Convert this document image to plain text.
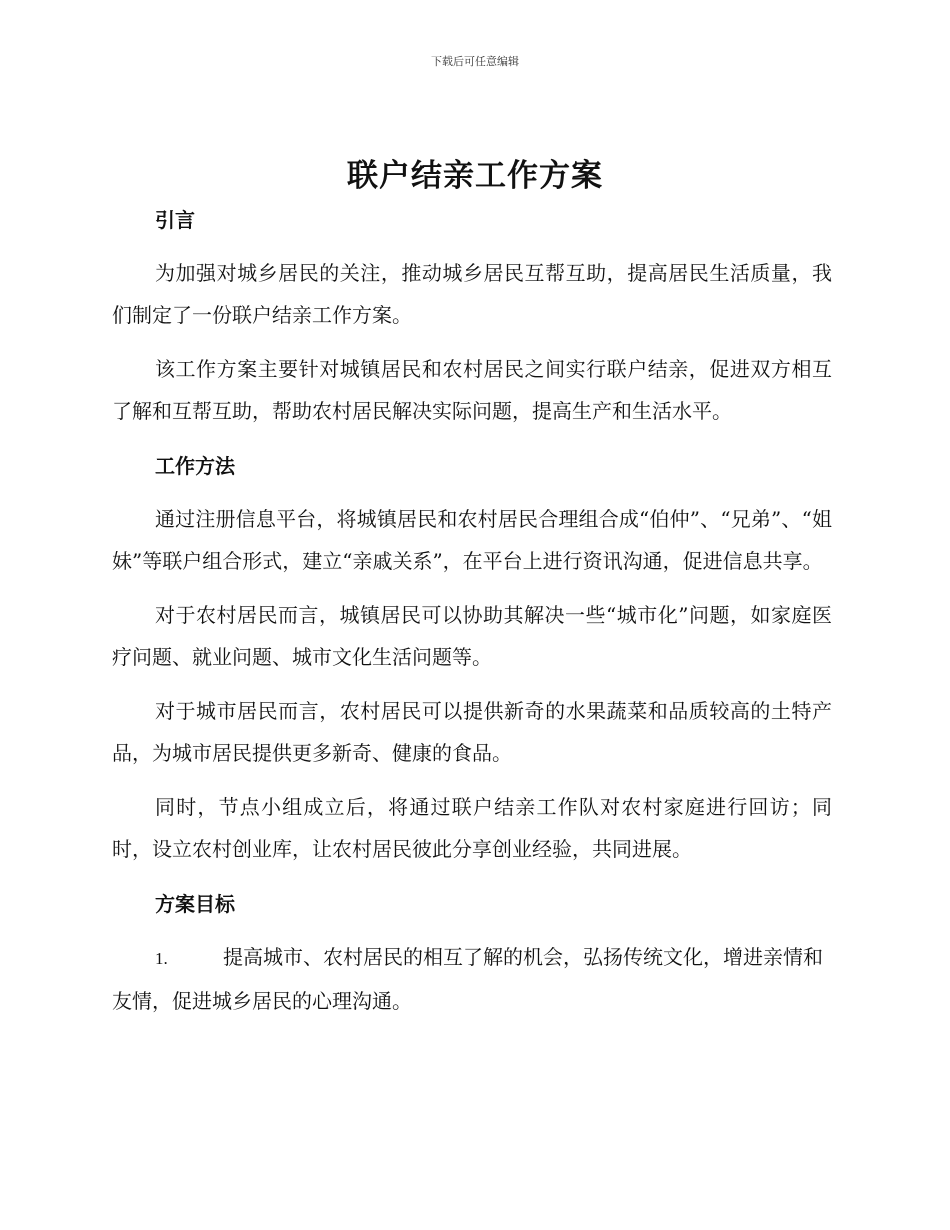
下载后可任意编辑
联户结亲工作方案
引言

为加强对城乡居民的关注，推动城乡居民互帮互助，提高居民生活质量，我们制定了一份联户结亲工作方案。

该工作方案主要针对城镇居民和农村居民之间实行联户结亲，促进双方相互了解和互帮互助，帮助农村居民解决实际问题，提高生产和生活水平。

工作方法

通过注册信息平台，将城镇居民和农村居民合理组合成“伯仲”、“兄弟”、“姐妹”等联户组合形式，建立“亲戚关系”，在平台上进行资讯沟通，促进信息共享。

对于农村居民而言，城镇居民可以协助其解决一些“城市化”问题，如家庭医疗问题、就业问题、城市文化生活问题等。

对于城市居民而言，农村居民可以提供新奇的水果蔬菜和品质较高的土特产品，为城市居民提供更多新奇、健康的食品。

同时，节点小组成立后，将通过联户结亲工作队对农村家庭进行回访；同时，设立农村创业库，让农村居民彼此分享创业经验，共同进展。

方案目标

1.	提高城市、农村居民的相互了解的机会，弘扬传统文化，增进亲情和友情，促进城乡居民的心理沟通。
